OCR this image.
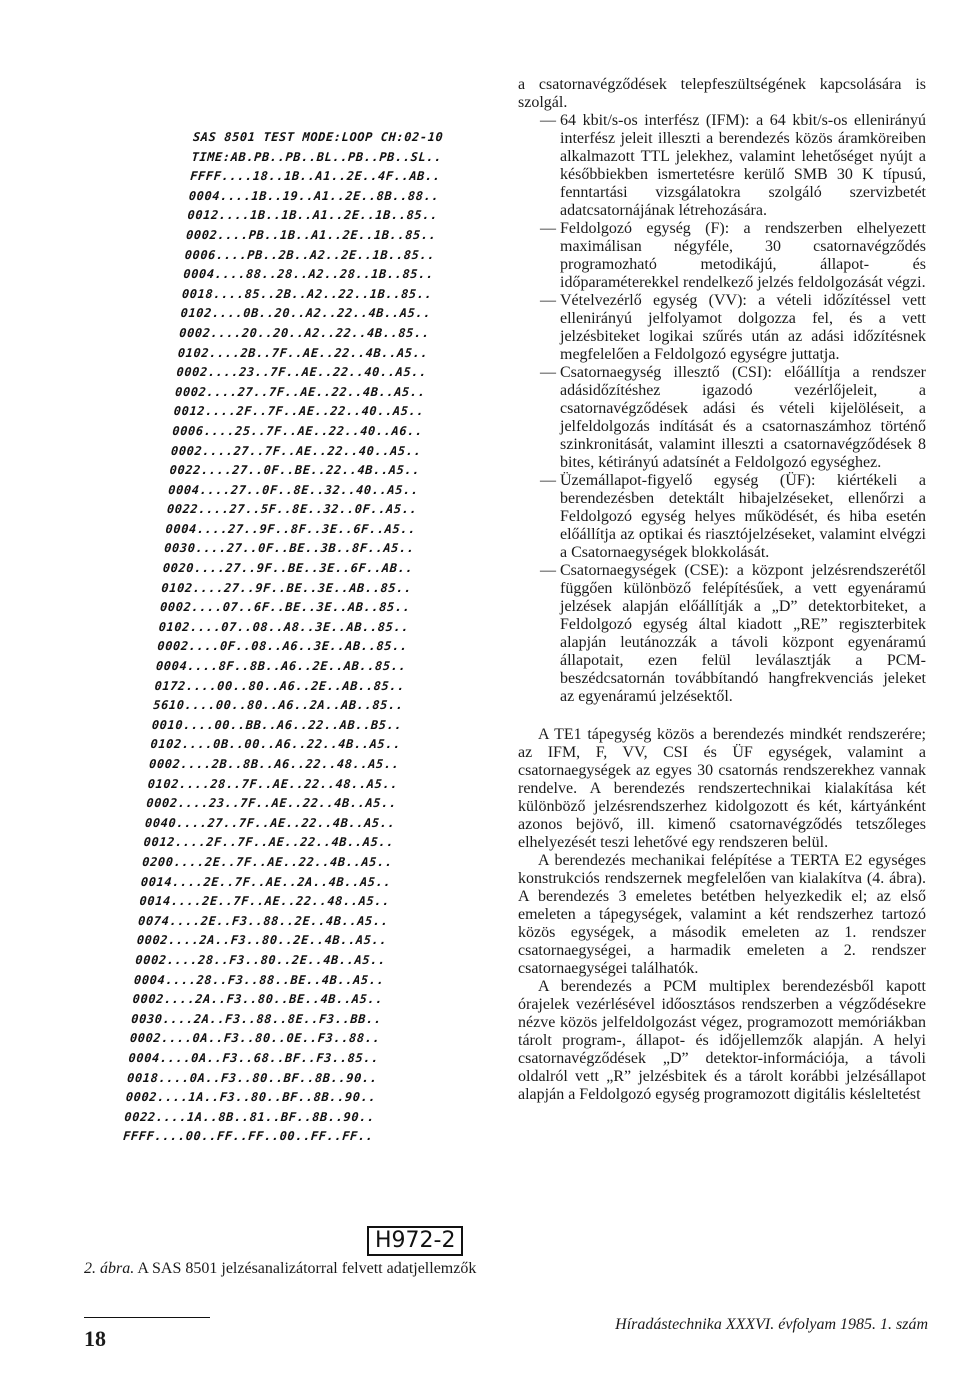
SAS 8501 TEST MODE:LOOP CH:02-10
TIME:AB.PB..PB..BL..PB..PB..SL..
FFFF....18..1B..A1..2E..4F..AB..
0004....1B..19..A1..2E..8B..88..
0012....1B..1B..A1..2E..1B..85..
0002....PB..1B..A1..2E..1B..85..
0006....PB..2B..A2..2E..1B..85..
0004....88..28..A2..28..1B..85..
0018....85..2B..A2..22..1B..85..
0102....0B..20..A2..22..4B..A5..
0002....20..20..A2..22..4B..85..
0102....2B..7F..AE..22..4B..A5..
0002....23..7F..AE..22..40..A5..
0002....27..7F..AE..22..4B..A5..
0012....2F..7F..AE..22..40..A5..
0006....25..7F..AE..22..40..A6..
0002....27..7F..AE..22..40..A5..
0022....27..0F..BE..22..4B..A5..
0004....27..0F..8E..32..40..A5..
0022....27..5F..8E..32..0F..A5..
0004....27..9F..8F..3E..6F..A5..
0030....27..0F..BE..3B..8F..A5..
0020....27..9F..BE..3E..6F..AB..
0102....27..9F..BE..3E..AB..85..
0002....07..6F..BE..3E..AB..85..
0102....07..08..A8..3E..AB..85..
0002....0F..08..A6..3E..AB..85..
0004....8F..8B..A6..2E..AB..85..
0172....00..80..A6..2E..AB..85..
5610....00..80..A6..2A..AB..85..
0010....00..BB..A6..22..AB..B5..
0102....0B..00..A6..22..4B..A5..
0002....2B..8B..A6..22..48..A5..
0102....28..7F..AE..22..48..A5..
0002....23..7F..AE..22..4B..A5..
0040....27..7F..AE..22..4B..A5..
0012....2F..7F..AE..22..4B..A5..
0200....2E..7F..AE..22..4B..A5..
0014....2E..7F..AE..2A..4B..A5..
0014....2E..7F..AE..22..48..A5..
0074....2E..F3..88..2E..4B..A5..
0002....2A..F3..80..2E..4B..A5..
0002....28..F3..80..2E..4B..A5..
0004....28..F3..88..BE..4B..A5..
0002....2A..F3..80..BE..4B..A5..
0030....2A..F3..88..8E..F3..BB..
0002....0A..F3..80..0E..F3..88..
0004....0A..F3..68..BF..F3..85..
0018....0A..F3..80..BF..8B..90..
0002....1A..F3..80..BF..8B..90..
0022....1A..8B..81..BF..8B..90..
FFFF....00..FF..FF..00..FF..FF..
H972-2
2. ábra. A SAS 8501 jelzésanalizátorral felvett adatjellemzők

a csatornavégződések telepfeszültségének kapcsolására is szolgál.

— 64 kbit/s-os interfész (IFM): a 64 kbit/s-os ellenirányú interfész jeleit illeszti a berendezés közös áramköreiben alkalmazott TTL jelekhez, valamint lehetőséget nyújt a későbbiekben ismertetésre kerülő SMB 30 K típusú, fenntartási vizsgálatokra szolgáló szervizbetét adatcsatornájának létrehozására.
— Feldolgozó egység (F): a rendszerben elhelyezett maximálisan négyféle, 30 csatornavégződés programozható metodikájú, állapot- és időparaméterekkel rendelkező jelzés feldolgozását végzi.
— Vételvezérlő egység (VV): a vételi időzítéssel vett ellenirányú jelfolyamot dolgozza fel, és a vett jelzésbiteket logikai szűrés után az adási időzítésnek megfelelően a Feldolgozó egységre juttatja.
— Csatornaegység illesztő (CSI): előállítja a rendszer adásidőzítéshez igazodó vezérlőjeleit, a csatornavégződések adási és vételi kijelöléseit, a jelfeldolgozás indítását és a csatornaszámhoz történő szinkronitását, valamint illeszti a csatornavégződések 8 bites, kétirányú adatsínét a Feldolgozó egységhez.
— Üzemállapot-figyelő egység (ÜF): kiértékeli a berendezésben detektált hibajelzéseket, ellenőrzi a Feldolgozó egység helyes működését, és hiba esetén előállítja az optikai és riasztójelzéseket, valamint elvégzi a Csatornaegységek blokkolását.
— Csatornaegységek (CSE): a központ jelzésrendszerétől függően különböző felépítésűek, a vett egyenáramú jelzések alapján előállítják a „D” detektorbiteket, a Feldolgozó egység által kiadott „RE” regiszterbitek alapján leutánozzák a távoli központ egyenáramú állapotait, ezen felül leválasztják a PCM-beszédcsatornán továbbítandó hangfrekvenciás jeleket az egyenáramú jelzésektől.

A TE1 tápegység közös a berendezés mindkét rendszerére; az IFM, F, VV, CSI és ÜF egységek, valamint a csatornaegységek az egyes 30 csatornás rendszerekhez vannak rendelve. A berendezés rendszertechnikai kialakítása két különböző jelzésrendszerhez kidolgozott és két, kártyánként azonos bejövő, ill. kimenő csatornavégződés tetszőleges elhelyezését teszi lehetővé egy rendszeren belül.

A berendezés mechanikai felépítése a TERTA E2 egységes konstrukciós rendszernek megfelelően van kialakítva (4. ábra). A berendezés 3 emeletes betétben helyezkedik el; az első emeleten a tápegységek, valamint a két rendszerhez tartozó közös egységek, a második emeleten az 1. rendszer csatornaegységei, a harmadik emeleten a 2. rendszer csatornaegységei találhatók.

A berendezés a PCM multiplex berendezésből kapott órajelek vezérlésével időosztásos rendszerben a végződésekre nézve közös jelfeldolgozást végez, programozott memóriákban tárolt program-, állapot- és időjellemzők alapján. A helyi csatornavégződések „D” detektor-információja, a távoli oldalról vett „R” jelzésbitek és a tárolt korábbi jelzésállapot alapján a Feldolgozó egység programozott digitális késleltetést

18
Híradástechnika XXXVI. évfolyam 1985. 1. szám
